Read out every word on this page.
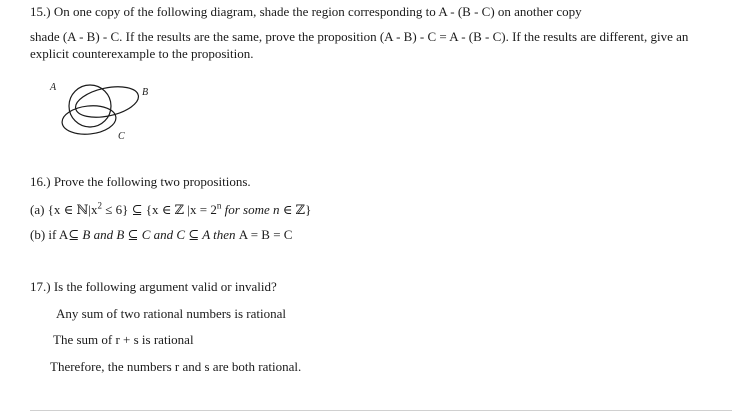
15.) On one copy of the following diagram, shade the region corresponding to A - (B - C) on another copy
shade (A - B) - C. If the results are the same, prove the proposition (A - B) - C = A - (B - C). If the results are different, give an
explicit counterexample to the proposition.
A	B
C
16.) Prove the following two propositions.
(a) {x ∈ $ℕ|x^2 \le 6$} ⊆ {x ∈ ℤ $|x = 2^n$ for some n ∈ ℤ}
(b) if A⊆ B and B ⊆ C and C ⊆ A then A = B = C
17.) Is the following argument valid or invalid?
Any sum of two rational numbers is rational
The sum of r + s is rational
Therefore, the numbers r and s are both rational.
